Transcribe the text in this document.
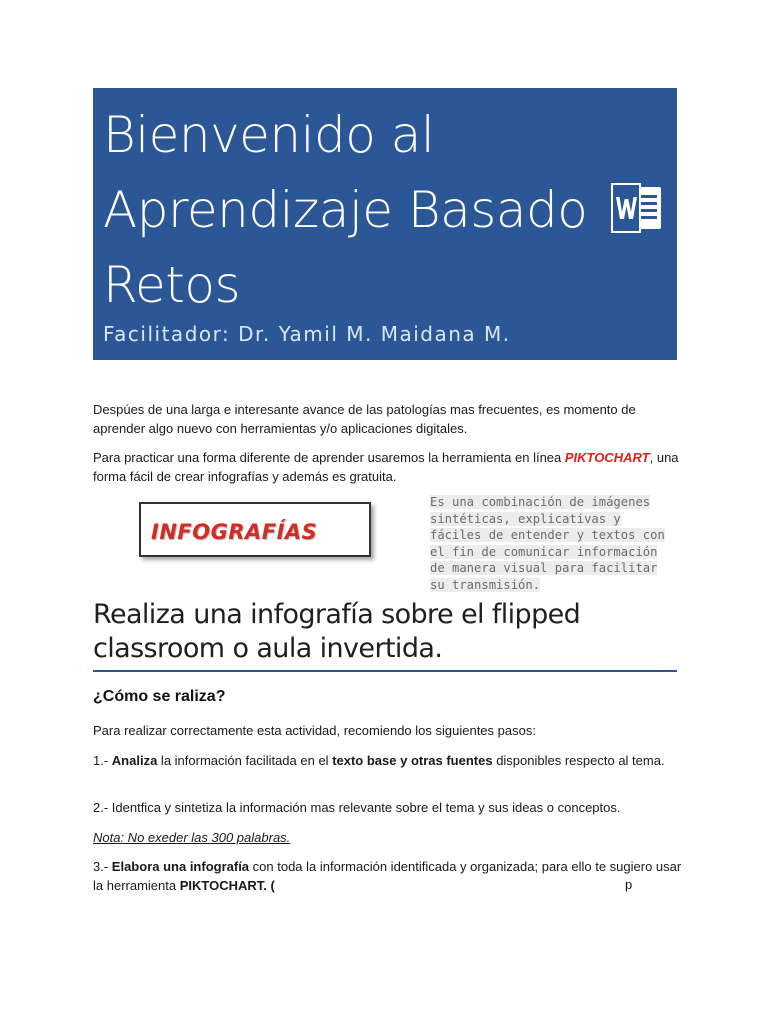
Bienvenido al Aprendizaje Basado Retos
Facilitador: Dr. Yamil M. Maidana M.
Despúes de una larga e interesante avance de las patologías mas frecuentes, es momento de aprender algo nuevo con herramientas y/o aplicaciones digitales.
Para practicar una forma diferente de aprender usaremos la herramienta en línea PIKTOCHART, una forma fácil de crear infografías y además es gratuita.
INFOGRAFÍAS
Es una combinación de imágenes sintéticas, explicativas y fáciles de entender y textos con el fin de comunicar información de manera visual para facilitar su transmisión.
Realiza una infografía sobre el flipped classroom o aula invertida.
¿Cómo se raliza?
Para realizar correctamente esta actividad, recomiendo los siguientes pasos:
1.- Analiza la información facilitada en el texto base y otras fuentes disponibles respecto al tema.
2.- Identfica y sintetiza la información mas relevante sobre el tema y sus ideas o conceptos.
Nota: No exeder las 300 palabras.
3.- Elabora una infografía con toda la información identificada y organizada; para ello te sugiero usar la herramienta PIKTOCHART. (	p
